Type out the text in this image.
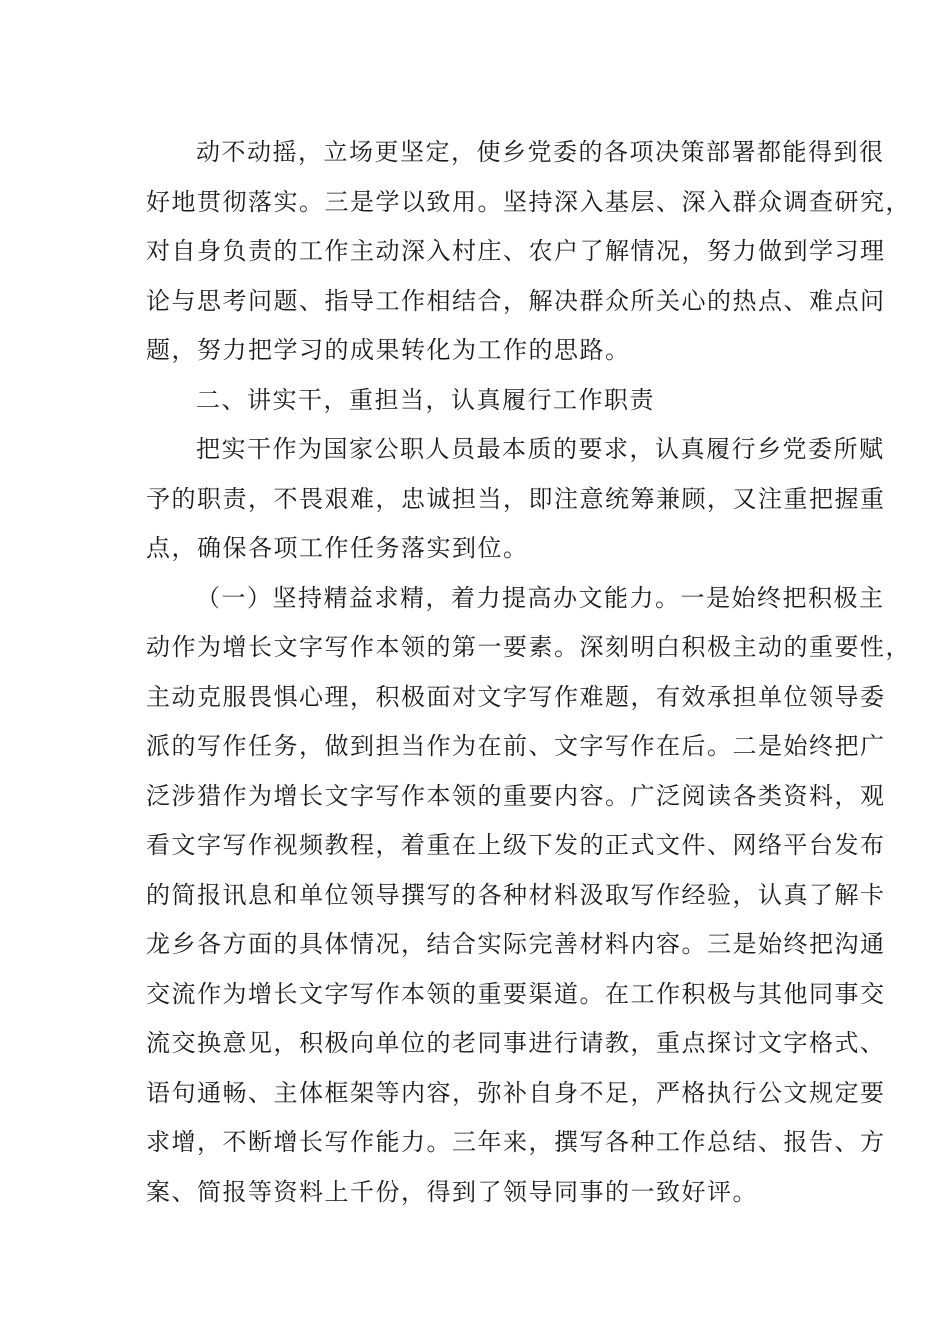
动不动摇，立场更坚定，使乡党委的各项决策部署都能得到很
好地贯彻落实。三是学以致用。坚持深入基层、深入群众调查研究，
对自身负责的工作主动深入村庄、农户了解情况，努力做到学习理
论与思考问题、指导工作相结合，解决群众所关心的热点、难点问
题，努力把学习的成果转化为工作的思路。
二、讲实干，重担当，认真履行工作职责
把实干作为国家公职人员最本质的要求，认真履行乡党委所赋
予的职责，不畏艰难，忠诚担当，即注意统筹兼顾，又注重把握重
点，确保各项工作任务落实到位。
（一）坚持精益求精，着力提高办文能力。一是始终把积极主
动作为增长文字写作本领的第一要素。深刻明白积极主动的重要性，
主动克服畏惧心理，积极面对文字写作难题，有效承担单位领导委
派的写作任务，做到担当作为在前、文字写作在后。二是始终把广
泛涉猎作为增长文字写作本领的重要内容。广泛阅读各类资料，观
看文字写作视频教程，着重在上级下发的正式文件、网络平台发布
的简报讯息和单位领导撰写的各种材料汲取写作经验，认真了解卡
龙乡各方面的具体情况，结合实际完善材料内容。三是始终把沟通
交流作为增长文字写作本领的重要渠道。在工作积极与其他同事交
流交换意见，积极向单位的老同事进行请教，重点探讨文字格式、
语句通畅、主体框架等内容，弥补自身不足，严格执行公文规定要
求增，不断增长写作能力。三年来，撰写各种工作总结、报告、方
案、简报等资料上千份，得到了领导同事的一致好评。
